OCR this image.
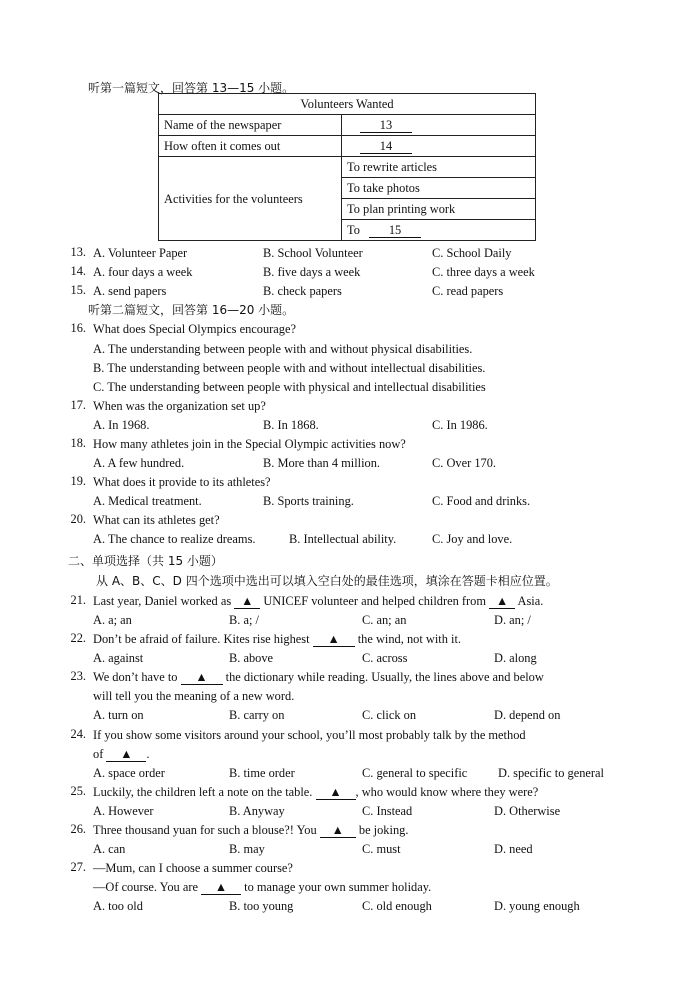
听第一篇短文，回答第 13—15 小题。
Volunteers Wanted	
Name of the newspaper	13
How often it comes out	14
Activities for the volunteers	To rewrite articles
	To take photos
	To plan printing work
	To 15
13. A. Volunteer Paper	B. School Volunteer	C. School Daily
14. A. four days a week	B. five days a week	C. three days a week
15. A. send papers	B. check papers	C. read papers
听第二篇短文，回答第 16—20 小题。
16. What does Special Olympics encourage?
A. The understanding between people with and without physical disabilities.
B. The understanding between people with and without intellectual disabilities.
C. The understanding between people with physical and intellectual disabilities
17. When was the organization set up?
A. In 1968.	B. In 1868.	C. In 1986.
18. How many athletes join in the Special Olympic activities now?
A. A few hundred.	B. More than 4 million.	C. Over 170.
19. What does it provide to its athletes?
A. Medical treatment.	B. Sports training.	C. Food and drinks.
20. What can its athletes get?
A. The chance to realize dreams.	B. Intellectual ability.	C. Joy and love.
二、单项选择（共 15 小题）
从 A、B、C、D 四个选项中选出可以填入空白处的最佳选项，填涂在答题卡相应位置。
21. Last year, Daniel worked as ▲ UNICEF volunteer and helped children from ▲ Asia.
A. a; an	B. a; /	C. an; an	D. an; /
22. Don’t be afraid of failure. Kites rise highest ▲ the wind, not with it.
A. against	B. above	C. across	D. along
23. We don’t have to ▲ the dictionary while reading. Usually, the lines above and below
will tell you the meaning of a new word.
A. turn on	B. carry on	C. click on	D. depend on
24. If you show some visitors around your school, you’ll most probably talk by the method
of ▲ .
A. space order	B. time order	C. general to specific D. specific to general
25. Luckily, the children left a note on the table. ▲ , who would know where they were?
A. However	B. Anyway	C. Instead	D. Otherwise
26. Three thousand yuan for such a blouse?! You ▲ be joking.
A. can	B. may	C. must	D. need
27. —Mum, can I choose a summer course?
—Of course. You are ▲ to manage your own summer holiday.
A. too old	B. too young	C. old enough	D. young enough
